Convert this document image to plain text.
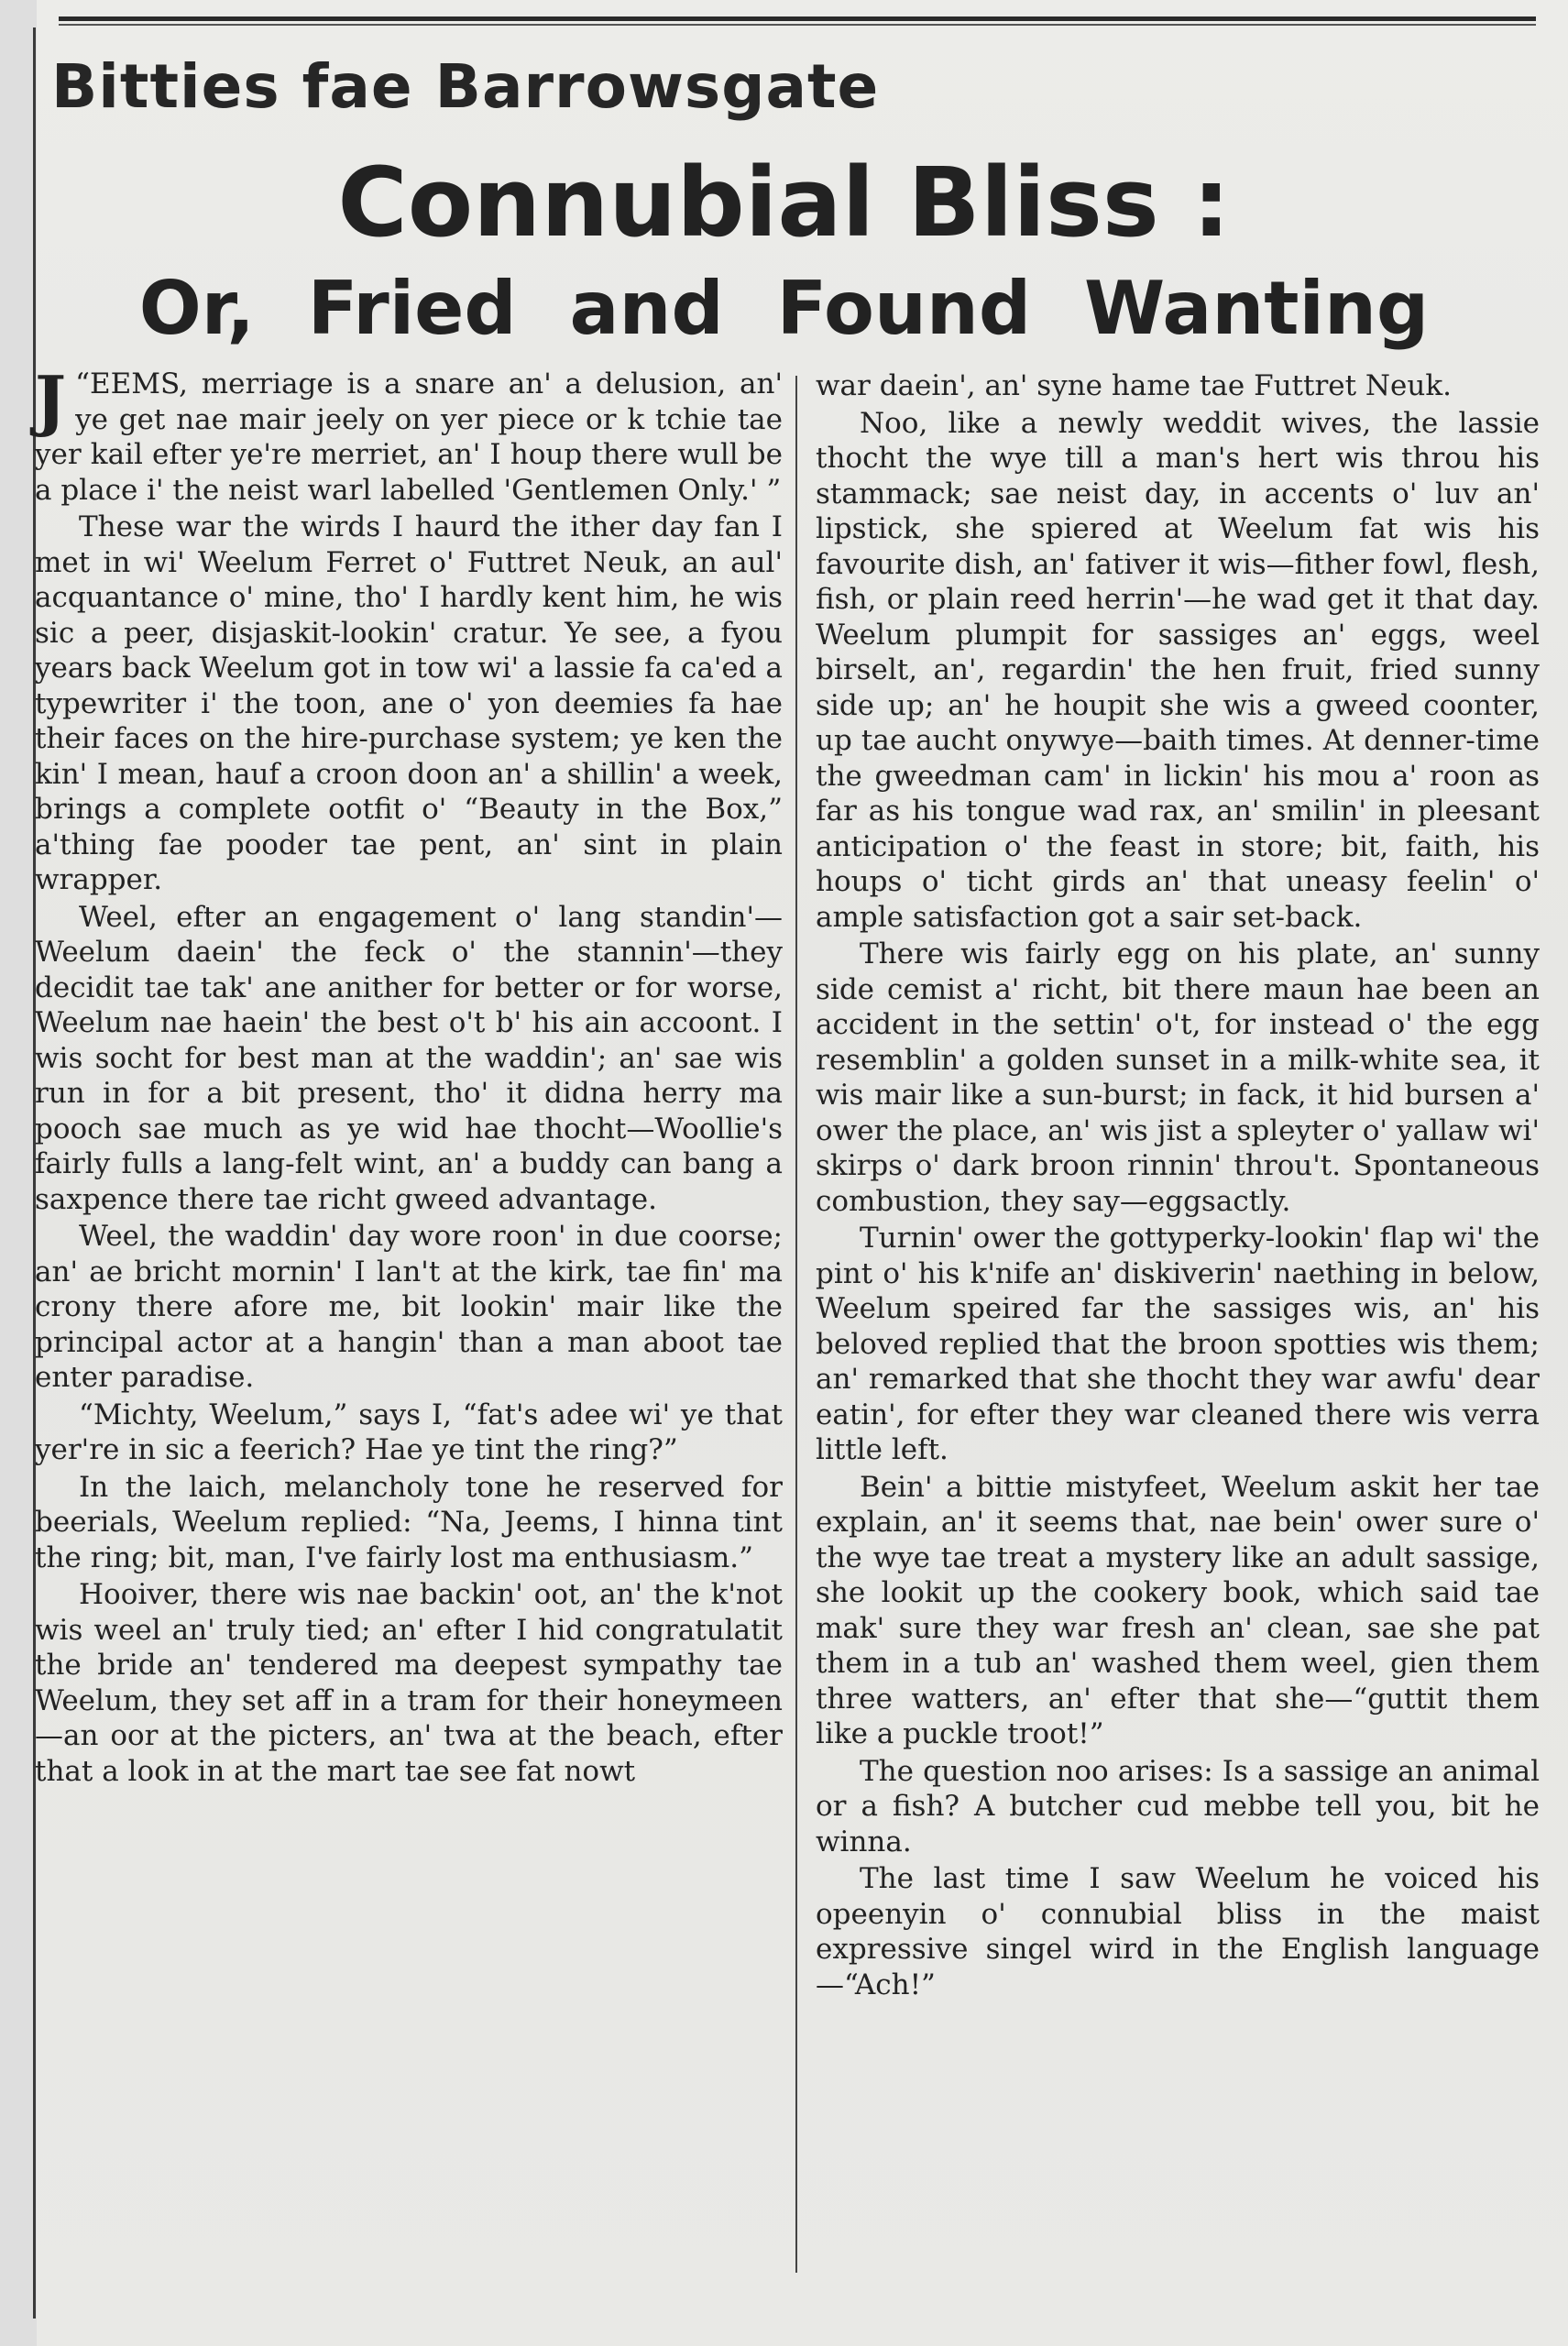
Bitties fae Barrowsgate
Connubial Bliss :
Or, Fried and Found Wanting

“
J EEMS, merriage is a snare an' a delusion, an' ye get nae mair jeely on yer piece or k tchie tae yer kail efter ye're merriet, an' I houp there wull be a place i' the neist warl labelled 'Gentlemen Only.' ”

These war the wirds I haurd the ither day fan I met in wi' Weelum Ferret o' Futtret Neuk, an aul' acquantance o' mine, tho' I hardly kent him, he wis sic a peer, disjaskit-lookin' cratur. Ye see, a fyou years back Weelum got in tow wi' a lassie fa ca'ed a typewriter i' the toon, ane o' yon deemies fa hae their faces on the hire-purchase system; ye ken the kin' I mean, hauf a croon doon an' a shillin' a week, brings a complete ootfit o' “Beauty in the Box,” a'thing fae pooder tae pent, an' sint in plain wrapper.

Weel, efter an engagement o' lang standin'—Weelum daein' the feck o' the stannin'—they decidit tae tak' ane anither for better or for worse, Weelum nae haein' the best o't b' his ain accoont. I wis socht for best man at the waddin'; an' sae wis run in for a bit present, tho' it didna herry ma pooch sae much as ye wid hae thocht—Woollie's fairly fulls a lang-felt wint, an' a buddy can bang a saxpence there tae richt gweed advantage.

Weel, the waddin' day wore roon' in due coorse; an' ae bricht mornin' I lan't at the kirk, tae fin' ma crony there afore me, bit lookin' mair like the principal actor at a hangin' than a man aboot tae enter paradise.

“Michty, Weelum,” says I, “fat's adee wi' ye that yer're in sic a feerich? Hae ye tint the ring?”

In the laich, melancholy tone he reserved for beerials, Weelum replied: “Na, Jeems, I hinna tint the ring; bit, man, I've fairly lost ma enthusiasm.”

Hooiver, there wis nae backin' oot, an' the k'not wis weel an' truly tied; an' efter I hid congratulatit the bride an' tendered ma deepest sympathy tae Weelum, they set aff in a tram for their honeymeen—an oor at the picters, an' twa at the beach, efter that a look in at the mart tae see fat nowt

war daein', an' syne hame tae Futtret Neuk.

Noo, like a newly weddit wives, the lassie thocht the wye till a man's hert wis throu his stammack; sae neist day, in accents o' luv an' lipstick, she spiered at Weelum fat wis his favourite dish, an' fativer it wis—fither fowl, flesh, fish, or plain reed herrin'—he wad get it that day. Weelum plumpit for sassiges an' eggs, weel birselt, an', regardin' the hen fruit, fried sunny side up; an' he houpit she wis a gweed coonter, up tae aucht onywye—baith times. At denner-time the gweedman cam' in lickin' his mou a' roon as far as his tongue wad rax, an' smilin' in pleesant anticipation o' the feast in store; bit, faith, his houps o' ticht girds an' that uneasy feelin' o' ample satisfaction got a sair set-back.

There wis fairly egg on his plate, an' sunny side cemist a' richt, bit there maun hae been an accident in the settin' o't, for instead o' the egg resemblin' a golden sunset in a milk-white sea, it wis mair like a sun-burst; in fack, it hid bursen a' ower the place, an' wis jist a spleyter o' yallaw wi' skirps o' dark broon rinnin' throu't. Spontaneous combustion, they say—eggsactly.

Turnin' ower the gottyperky-lookin' flap wi' the pint o' his k'nife an' diskiverin' naething in below, Weelum speired far the sassiges wis, an' his beloved replied that the broon spotties wis them; an' remarked that she thocht they war awfu' dear eatin', for efter they war cleaned there wis verra little left.

Bein' a bittie mistyfeet, Weelum askit her tae explain, an' it seems that, nae bein' ower sure o' the wye tae treat a mystery like an adult sassige, she lookit up the cookery book, which said tae mak' sure they war fresh an' clean, sae she pat them in a tub an' washed them weel, gien them three watters, an' efter that she—“guttit them like a puckle troot!”

The question noo arises: Is a sassige an animal or a fish? A butcher cud mebbe tell you, bit he winna.

The last time I saw Weelum he voiced his opeenyin o' connubial bliss in the maist expressive singel wird in the English language—“Ach!”
